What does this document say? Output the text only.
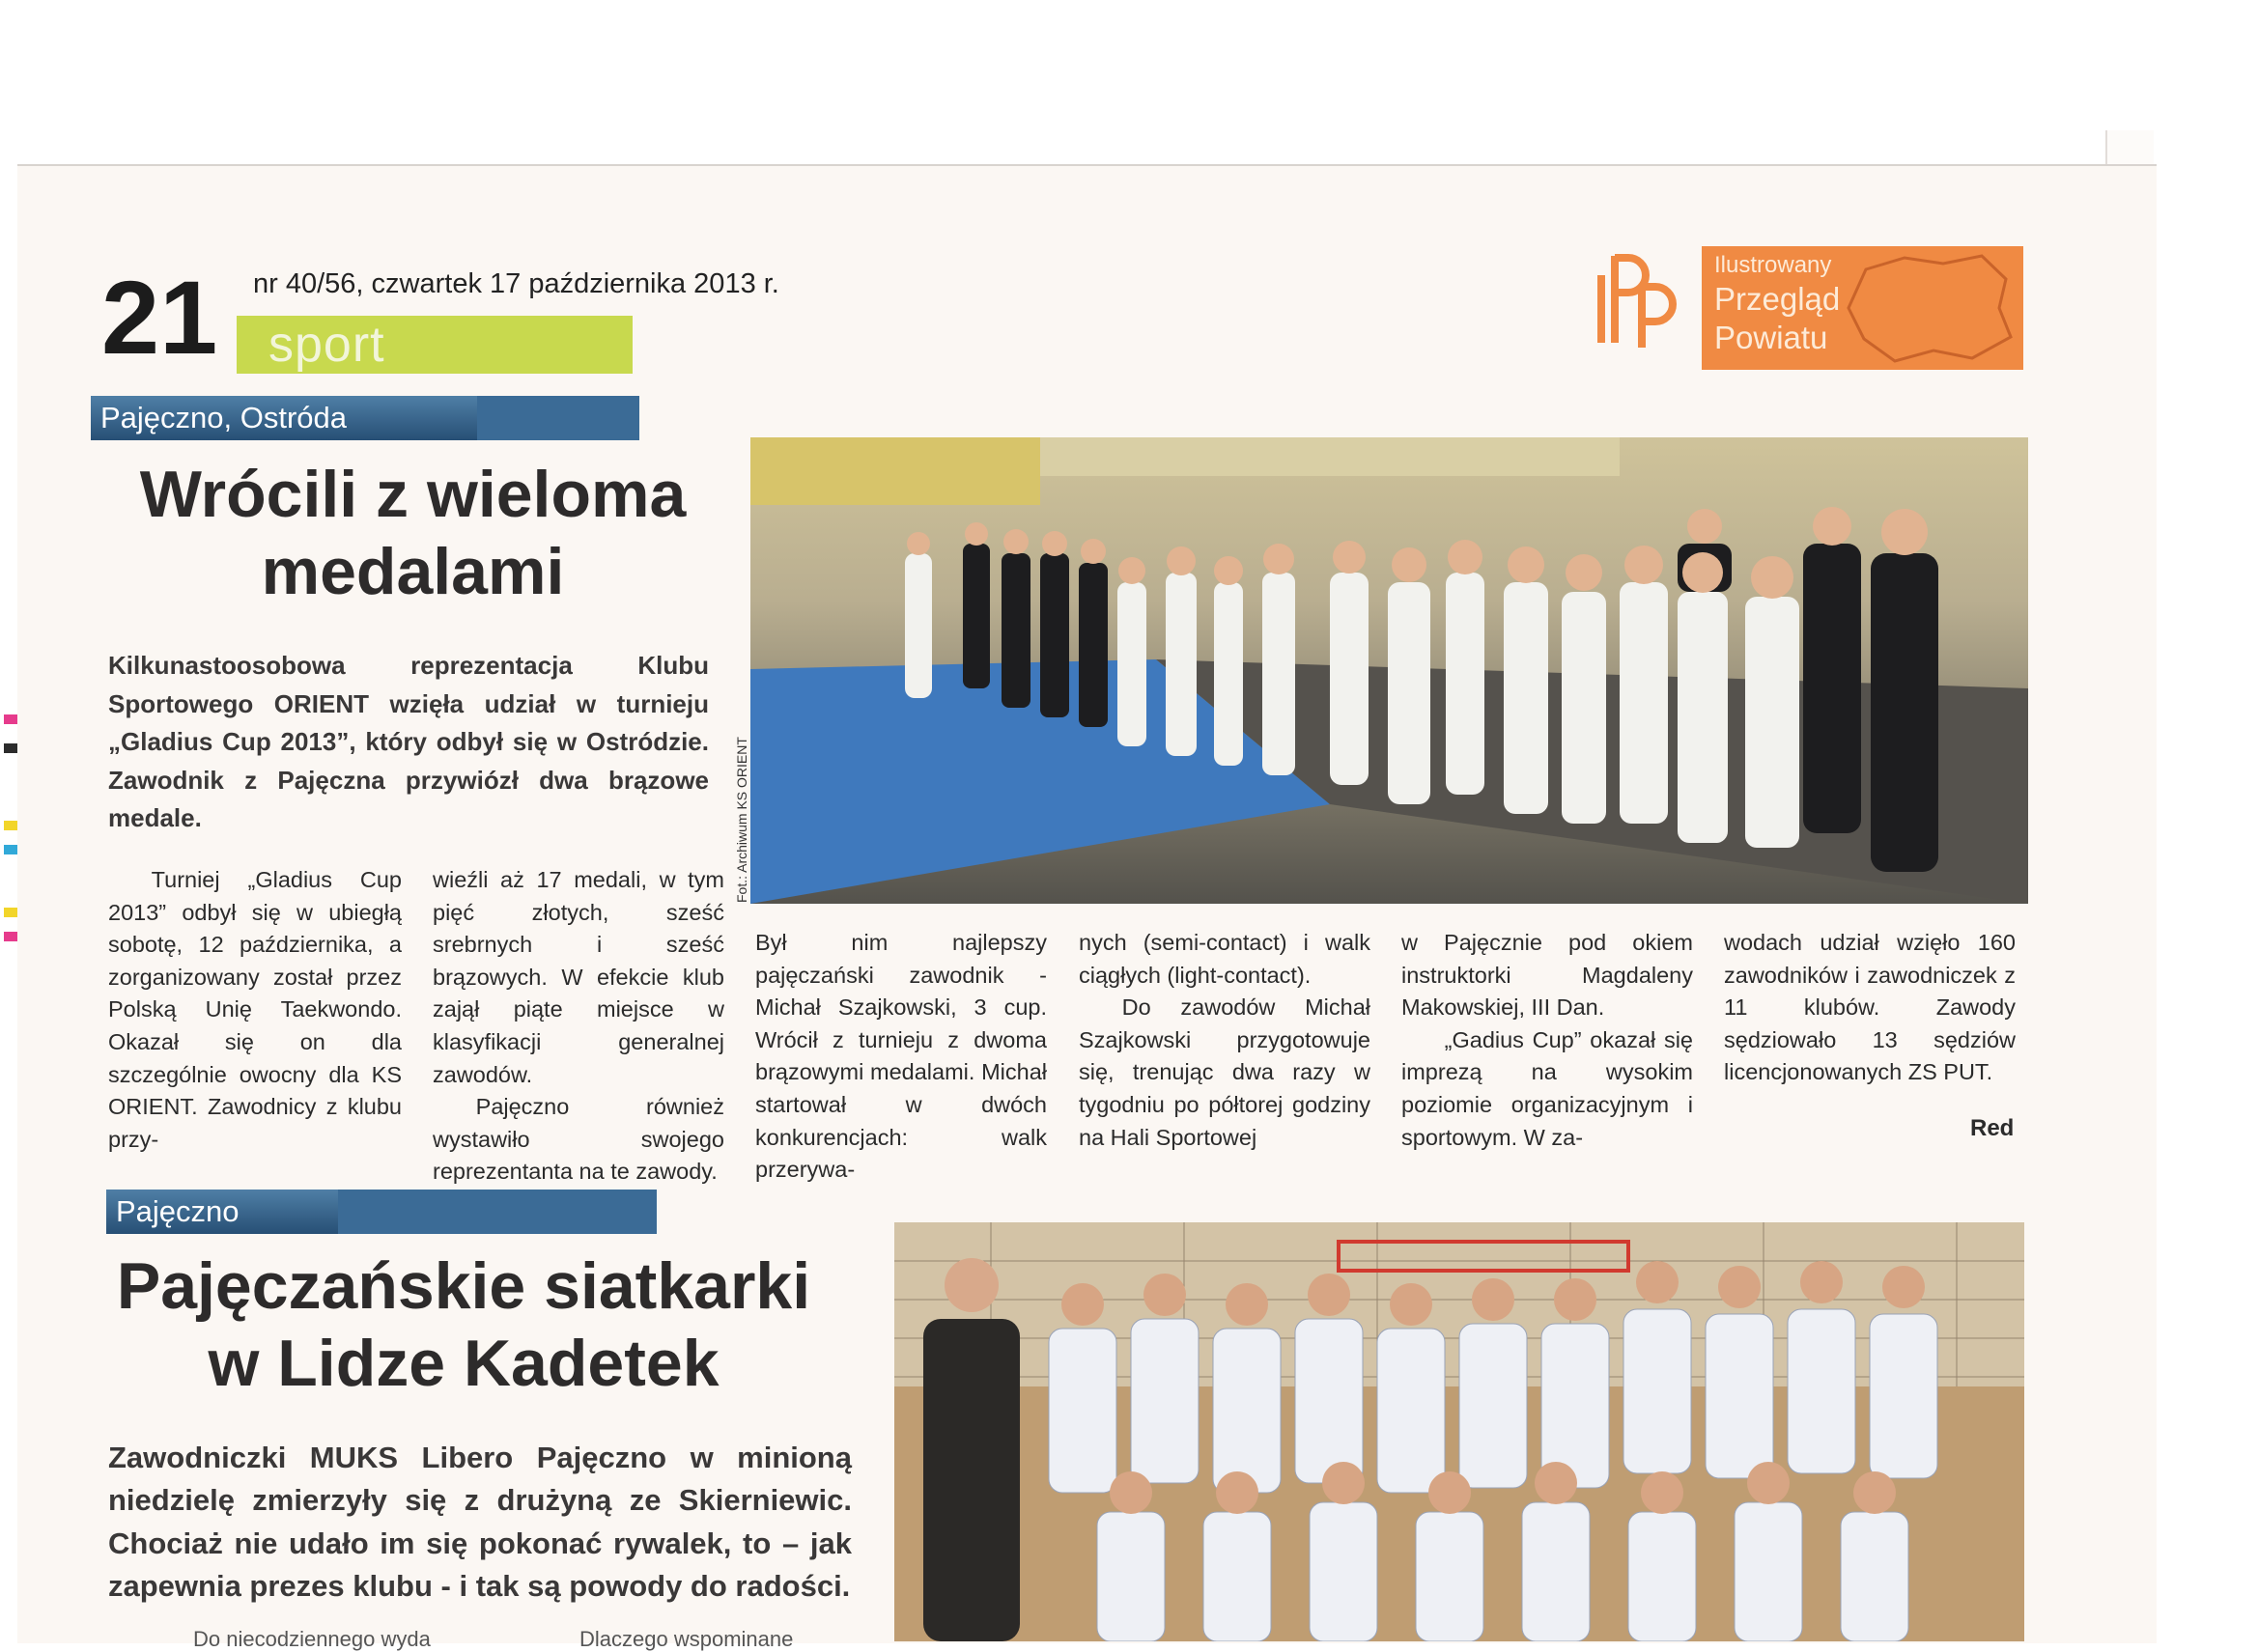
21 nr 40/56, czwartek 17 października 2013 r.
sport
Ilustrowany
Przegląd
Powiatu
Pajęczno, Ostróda
Wrócili z wieloma
medalami
Kilkunastoosobowa reprezentacja Klubu Sportowego ORIENT wzięła udział w turnieju „Gladius Cup 2013”, który odbył się w Ostródzie. Zawodnik z Pajęczna przywiózł dwa brązowe medale.	Fot.: Archiwum KS ORIENT

Turniej „Gladius Cup 2013” odbył się w ubiegłą sobotę, 12 października, a zorganizowany został przez Polską Unię Taekwondo. Okazał się on dla szczególnie owocny dla KS ORIENT. Zawodnicy z klubu przy-

wieźli aż 17 medali, w tym pięć złotych, sześć srebrnych i sześć brązowych. W efekcie klub zajął piąte miejsce w klasyfikacji generalnej zawodów.

Pajęczno również wystawiło swojego reprezentanta na te zawody.

Był nim najlepszy pajęczański zawodnik - Michał Szajkowski, 3 cup. Wrócił z turnieju z dwoma brązowymi medalami. Michał startował w dwóch konkurencjach: walk przerywa-

nych (semi-contact) i walk ciągłych (light-contact).

Do zawodów Michał Szajkowski przygotowuje się, trenując dwa razy w tygodniu po półtorej godziny na Hali Sportowej

w Pajęcznie pod okiem instruktorki Magdaleny Makowskiej, III Dan.

„Gadius Cup” okazał się imprezą na wysokim poziomie organizacyjnym i sportowym. W za-

wodach udział wzięło 160 zawodników i zawodniczek z 11 klubów. Zawody sędziowało 13 sędziów licencjonowanych ZS PUT.

Red
Pajęczno
Pajęczańskie siatkarki
w Lidze Kadetek
Zawodniczki MUKS Libero Pajęczno w minioną niedzielę zmierzyły się z drużyną ze Skierniewic. Chociaż nie udało im się pokonać rywalek, to – jak zapewnia prezes klubu - i tak są powody do radości.
Do niecodziennego wyda	Dlaczego wspominane
